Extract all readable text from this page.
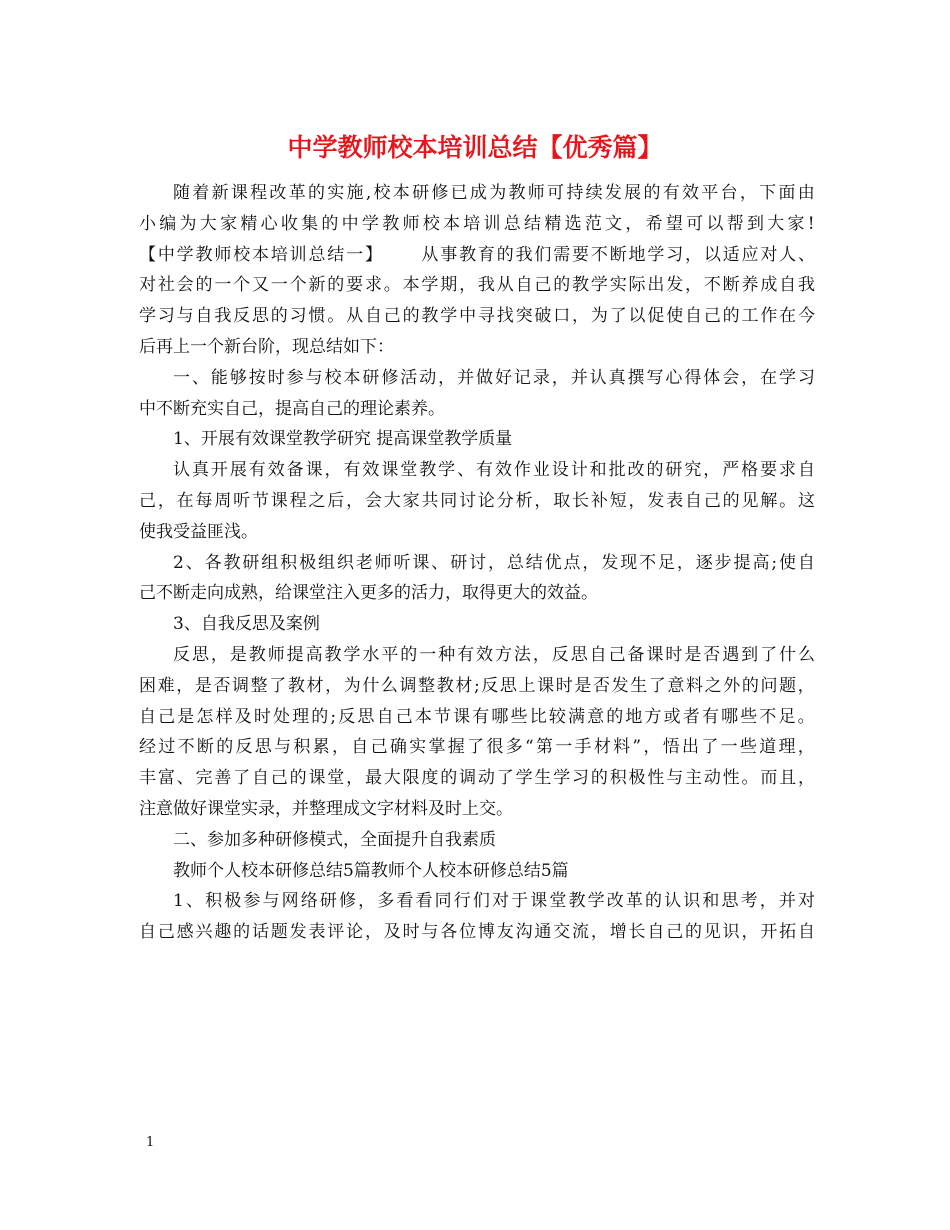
中学教师校本培训总结【优秀篇】
随 着 新 课 程 改 革 的 实 施 , 校 本 研 修 已 成 为 教 师 可 持 续 发 展 的 有 效 平 台 ， 下 面 由
小 编 为 大 家 精 心 收 集 的 中 学 教 师 校 本 培 训 总 结 精 选 范 文 ， 希 望 可 以 帮 到 大 家 !
【 中 学 教 师 校 本 培 训 总 结 一 】

　 从 事 教 育 的 我 们 需 要 不 断 地 学 习 ， 以 适 应 对 人 、
对 社 会 的 一 个 又 一 个 新 的 要 求 。 本 学 期 ， 我 从 自 己 的 教 学 实 际 出 发 ， 不 断 养 成 自 我
学 习 与 自 我 反 思 的 习 惯 。 从 自 己 的 教 学 中 寻 找 突 破 口 ， 为 了 以 促 使 自 己 的 工 作 在 今
后再上一个新台阶，现总结如下：
一 、 能 够 按 时 参 与 校 本 研 修 活 动 ， 并 做 好 记 录 ， 并 认 真 撰 写 心 得 体 会 ， 在 学 习
中不断充实自己，提高自己的理论素养。
1、开展有效课堂教学研究 提高课堂教学质量
认 真 开 展 有 效 备 课 ， 有 效 课 堂 教 学 、 有 效 作 业 设 计 和 批 改 的 研 究 ， 严 格 要 求 自
己 ， 在 每 周 听 节 课 程 之 后 ， 会 大 家 共 同 讨 论 分 析 ， 取 长 补 短 ， 发 表 自 己 的 见 解 。 这
使我受益匪浅。
2 、 各 教 研 组 积 极 组 织 老 师 听 课 、 研 讨 ， 总 结 优 点 ， 发 现 不 足 ， 逐 步 提 高 ; 使 自
己不断走向成熟，给课堂注入更多的活力，取得更大的效益。
3、自我反思及案例
反 思 ， 是 教 师 提 高 教 学 水 平 的 一 种 有 效 方 法 ， 反 思 自 己 备 课 时 是 否 遇 到 了 什 么
困 难 ， 是 否 调 整 了 教 材 ， 为 什 么 调 整 教 材 ; 反 思 上 课 时 是 否 发 生 了 意 料 之 外 的 问 题 ，
自 己 是 怎 样 及 时 处 理 的 ; 反 思 自 己 本 节 课 有 哪 些 比 较 满 意 的 地 方 或 者 有 哪 些 不 足 。
经 过 不 断 的 反 思 与 积 累 ， 自 己 确 实 掌 握 了 很 多 “ 第 一 手 材 料 ” ， 悟 出 了 一 些 道 理 ，
丰 富 、 完 善 了 自 己 的 课 堂 ， 最 大 限 度 的 调 动 了 学 生 学 习 的 积 极 性 与 主 动 性 。 而 且 ，
注意做好课堂实录，并整理成文字材料及时上交。
二、参加多种研修模式，全面提升自我素质
教师个人校本研修总结5篇教师个人校本研修总结5篇
1 、 积 极 参 与 网 络 研 修 ， 多 看 看 同 行 们 对 于 课 堂 教 学 改 革 的 认 识 和 思 考 ， 并 对
自 己 感 兴 趣 的 话 题 发 表 评 论 ， 及 时 与 各 位 博 友 沟 通 交 流 ， 增 长 自 己 的 见 识 ， 开 拓 自
1
